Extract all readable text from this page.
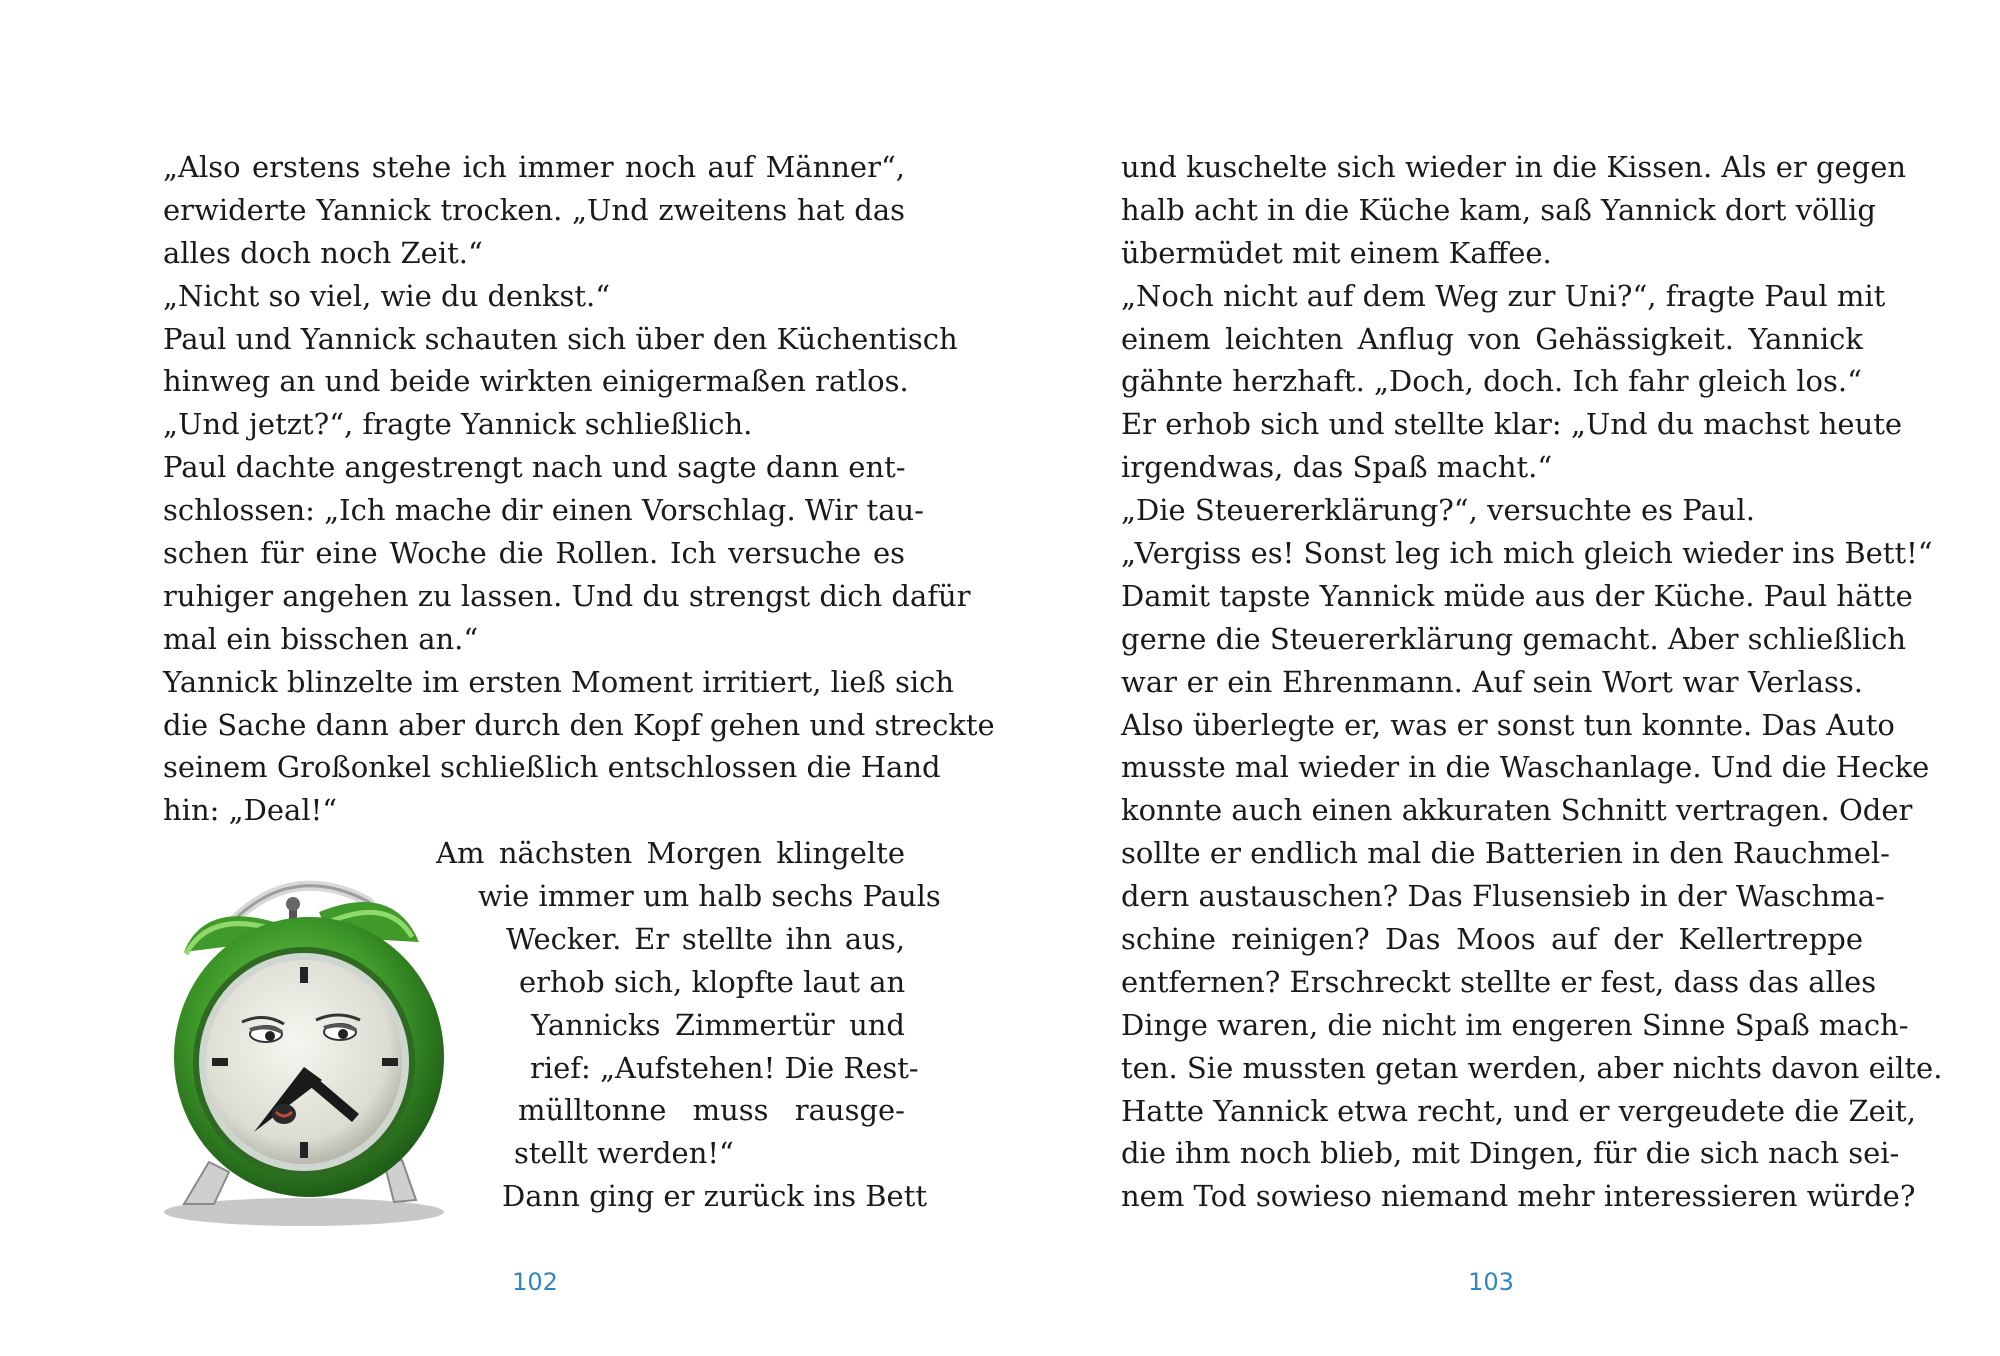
„Also erstens stehe ich immer noch auf Männer“,
erwiderte Yannick trocken. „Und zweitens hat das
alles doch noch Zeit.“
„Nicht so viel, wie du denkst.“
Paul und Yannick schauten sich über den Küchentisch
hinweg an und beide wirkten einigermaßen ratlos.
„Und jetzt?“, fragte Yannick schließlich.
Paul dachte angestrengt nach und sagte dann ent-
schlossen: „Ich mache dir einen Vorschlag. Wir tau-
schen für eine Woche die Rollen. Ich versuche es
ruhiger angehen zu lassen. Und du strengst dich dafür
mal ein bisschen an.“
Yannick blinzelte im ersten Moment irritiert, ließ sich
die Sache dann aber durch den Kopf gehen und streckte
seinem Großonkel schließlich entschlossen die Hand
hin: „Deal!“
Am nächsten Morgen klingelte
wie immer um halb sechs Pauls
Wecker. Er stellte ihn aus,
erhob sich, klopfte laut an
Yannicks Zimmertür und
rief: „Aufstehen! Die Rest-
mülltonne muss rausge-
stellt werden!“
Dann ging er zurück ins Bett
102
und kuschelte sich wieder in die Kissen. Als er gegen
halb acht in die Küche kam, saß Yannick dort völlig
übermüdet mit einem Kaffee.
„Noch nicht auf dem Weg zur Uni?“, fragte Paul mit
einem leichten Anflug von Gehässigkeit. Yannick
gähnte herzhaft. „Doch, doch. Ich fahr gleich los.“
Er erhob sich und stellte klar: „Und du machst heute
irgendwas, das Spaß macht.“
„Die Steuererklärung?“, versuchte es Paul.
„Vergiss es! Sonst leg ich mich gleich wieder ins Bett!“
Damit tapste Yannick müde aus der Küche. Paul hätte
gerne die Steuererklärung gemacht. Aber schließlich
war er ein Ehrenmann. Auf sein Wort war Verlass.
Also überlegte er, was er sonst tun konnte. Das Auto
musste mal wieder in die Waschanlage. Und die Hecke
konnte auch einen akkuraten Schnitt vertragen. Oder
sollte er endlich mal die Batterien in den Rauchmel-
dern austauschen? Das Flusensieb in der Waschma-
schine reinigen? Das Moos auf der Kellertreppe
entfernen? Erschreckt stellte er fest, dass das alles
Dinge waren, die nicht im engeren Sinne Spaß mach-
ten. Sie mussten getan werden, aber nichts davon eilte.
Hatte Yannick etwa recht, und er vergeudete die Zeit,
die ihm noch blieb, mit Dingen, für die sich nach sei-
nem Tod sowieso niemand mehr interessieren würde?
103
